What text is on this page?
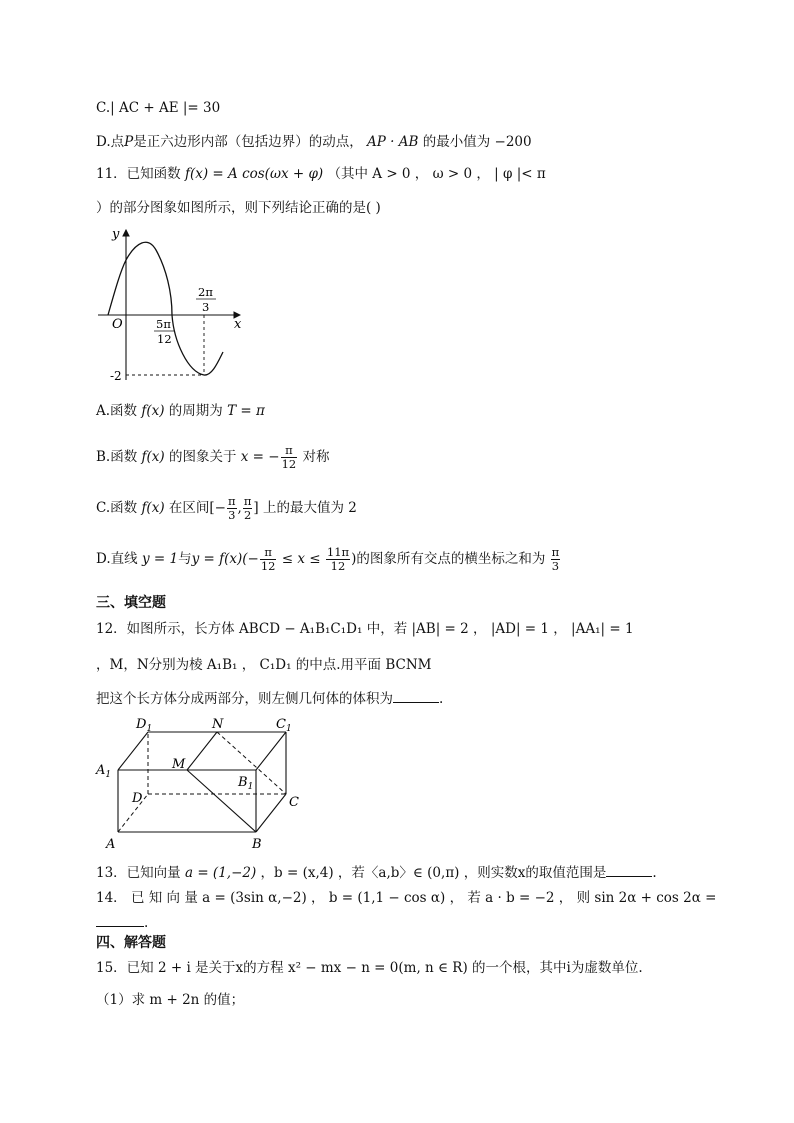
C.| AC + AE |= 30
D.点P是正六边形内部（包括边界）的动点， AP · AB 的最小值为 −200
11．已知函数 f(x) = A cos(ωx + φ) （其中 A > 0 ， ω > 0 ， | φ |< π
）的部分图象如图所示，则下列结论正确的是( )
y
x
O	5π
12
2π
3
-2
A.函数 f(x) 的周期为 T = π
B.函数 f(x) 的图象关于 x = − $\frac{\pi}{12}$ 对称
C.函数 f(x) 在区间[− $\frac{\pi}{3}$ , $\frac{\pi}{2}$ ] 上的最大值为 2
D.直线 y = 1与$y = f(x)(- \frac{\pi}{12} \le x \le \frac{11\pi}{12}$ )的图象所有交点的横坐标之和为 $\frac{\pi}{3}$
三、填空题
12．如图所示，长方体 ABCD − A₁B₁C₁D₁ 中，若 |AB| = 2 ， |AD| = 1 ， |AA₁| = 1
，M，N分别为棱 A₁B₁ ， C₁D₁ 的中点.用平面 BCNM
把这个长方体分成两部分，则左侧几何体的体积为	.
$D_1$	N	$C_1$
$A_1$
M
$B_1$
D	C
A	B
13．已知向量 a = (1,−2) ，b = (x,4) ，若〈a,b〉∈ (0,π) ，则实数x的取值范围是	.
14． 已 知 向 量 a = (3sin α,−2) ， b = (1,1 − cos α) ， 若 a · b = −2 ， 则 sin 2α + cos 2α =
.
四、解答题
15．已知 2 + i 是关于x的方程 x² − mx − n = 0(m, n ∈ R) 的一个根，其中i为虚数单位.
（1）求 m + 2n 的值；
